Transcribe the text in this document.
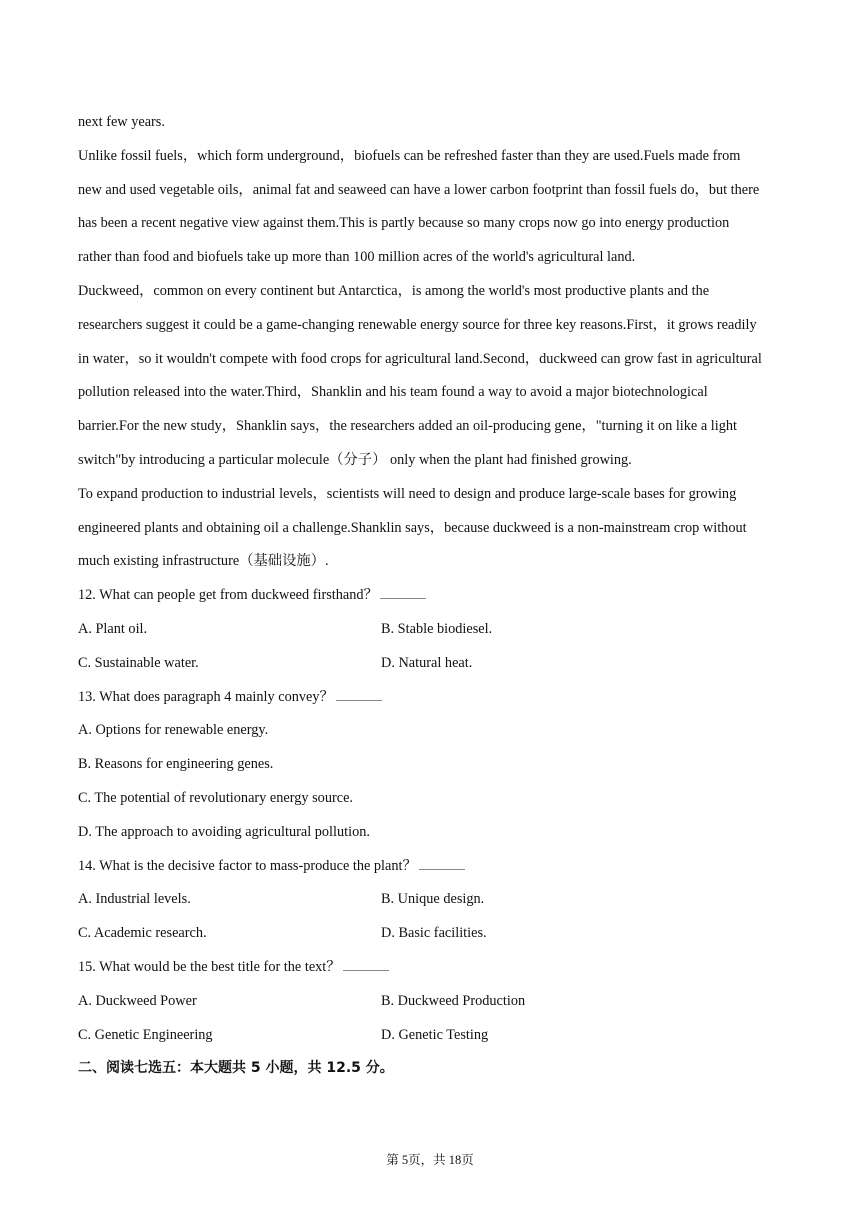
next few years.
Unlike fossil fuels，which form underground，biofuels can be refreshed faster than they are used.Fuels made from
new and used vegetable oils，animal fat and seaweed can have a lower carbon footprint than fossil fuels do，but there
has been a recent negative view against them.This is partly because so many crops now go into energy production
rather than food and biofuels take up more than 100 million acres of the world's agricultural land.
Duckweed，common on every continent but Antarctica，is among the world's most productive plants and the
researchers suggest it could be a game-changing renewable energy source for three key reasons.First，it grows readily
in water，so it wouldn't compete with food crops for agricultural land.Second，duckweed can grow fast in agricultural
pollution released into the water.Third，Shanklin and his team found a way to avoid a major biotechnological
barrier.For the new study，Shanklin says，the researchers added an oil-producing gene，"turning it on like a light
switch"by introducing a particular molecule（分子） only when the plant had finished growing.
To expand production to industrial levels，scientists will need to design and produce large-scale bases for growing
engineered plants and obtaining oil a challenge.Shanklin says，because duckweed is a non-mainstream crop without
much existing infrastructure（基础设施）.
12. What can people get from duckweed firsthand？
A. Plant oil.	B. Stable biodiesel.
C. Sustainable water.	D. Natural heat.
13. What does paragraph 4 mainly convey？
A. Options for renewable energy.
B. Reasons for engineering genes.
C. The potential of revolutionary energy source.
D. The approach to avoiding agricultural pollution.
14. What is the decisive factor to mass-produce the plant？
A. Industrial levels.	B. Unique design.
C. Academic research.	D. Basic facilities.
15. What would be the best title for the text？
A. Duckweed Power	B. Duckweed Production
C. Genetic Engineering	D. Genetic Testing
二、阅读七选五：本大题共 5 小题，共 12.5 分。
第 5页，共 18页
